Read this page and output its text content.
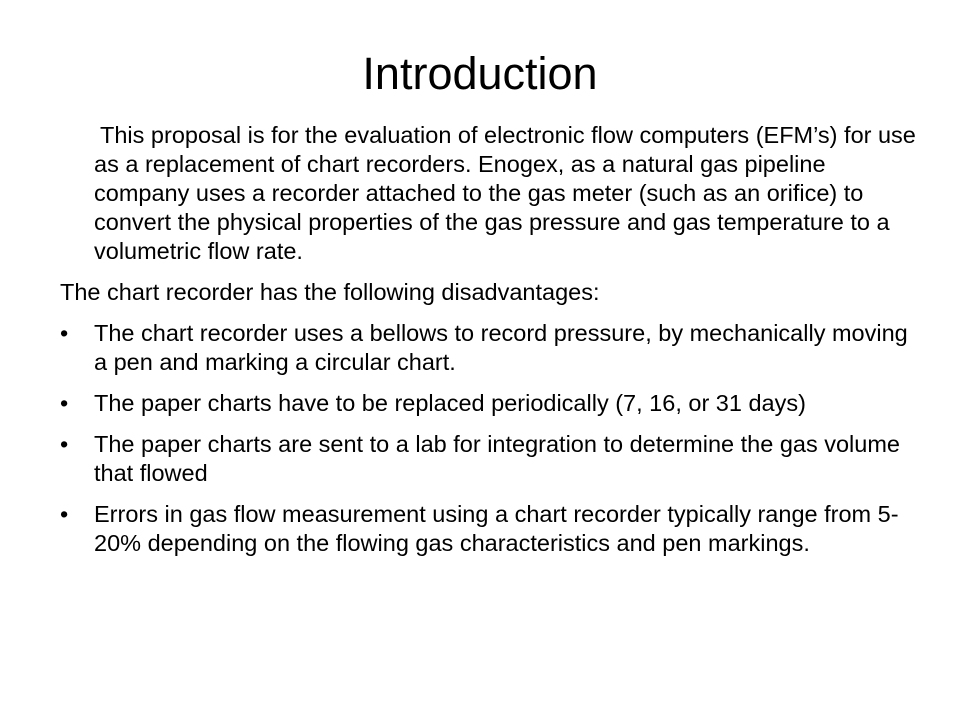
Introduction

This proposal is for the evaluation of electronic flow computers (EFM’s) for use as a replacement of chart recorders. Enogex, as a natural gas pipeline company uses a recorder attached to the gas meter (such as an orifice) to convert the physical properties of the gas pressure and gas temperature to a volumetric flow rate.

The chart recorder has the following disadvantages:

•	The chart recorder uses a bellows to record pressure, by mechanically moving a pen and marking a circular chart.
•	The paper charts have to be replaced periodically (7, 16, or 31 days)
•	The paper charts are sent to a lab for integration to determine the gas volume that flowed
•	Errors in gas flow measurement using a chart recorder typically range from 5-20% depending on the flowing gas characteristics and pen markings.
